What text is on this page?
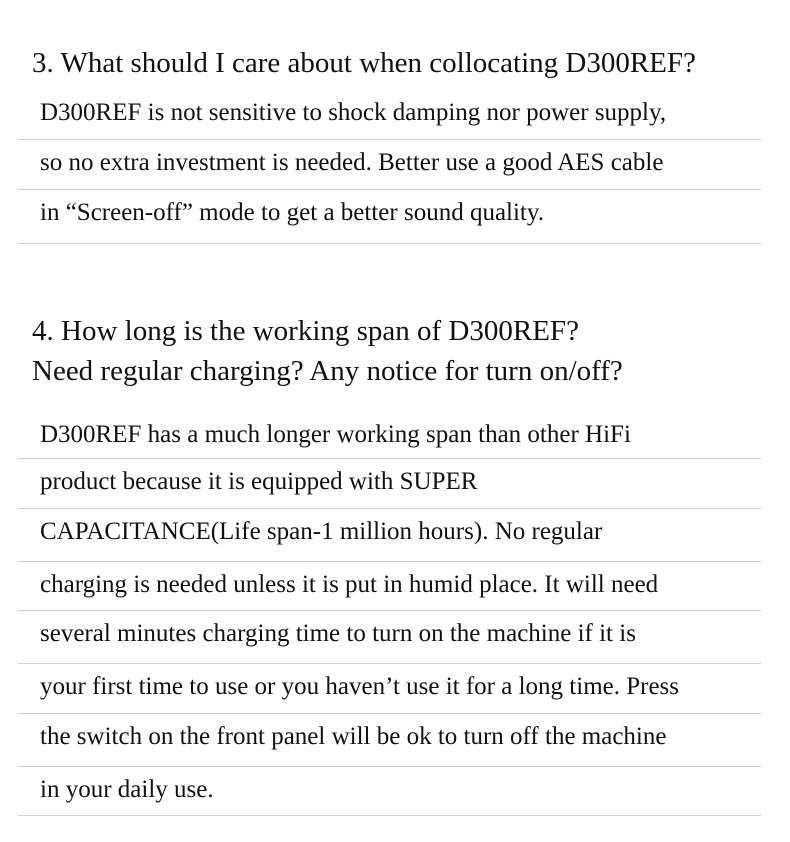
3. What should I care about when collocating D300REF?
D300REF is not sensitive to shock damping nor power supply,
so no extra investment is needed. Better use a good AES cable
in “Screen-off” mode to get a better sound quality.
4. How long is the working span of D300REF?
Need regular charging? Any notice for turn on/off?
D300REF has a much longer working span than other HiFi
product because it is equipped with SUPER
CAPACITANCE(Life span-1 million hours). No regular
charging is needed unless it is put in humid place. It will need
several minutes charging time to turn on the machine if it is
your first time to use or you haven’t use it for a long time. Press
the switch on the front panel will be ok to turn off the machine
in your daily use.
